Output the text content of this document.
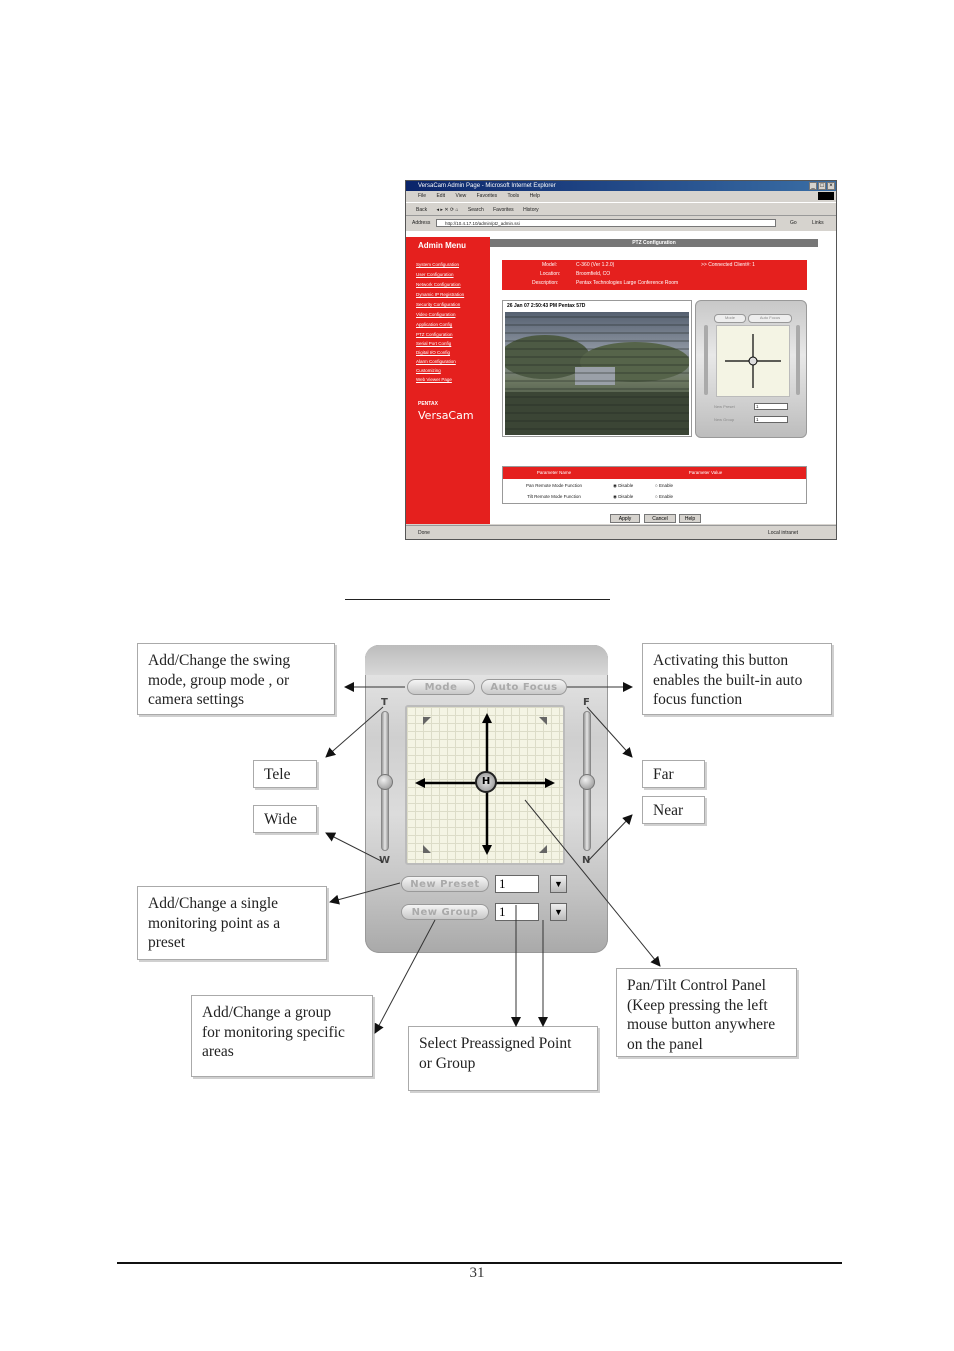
VersaCam Admin Page - Microsoft Internet Explorer	_ □ ×
File Edit View Favorites Tools Help
Back ◂ ▸ ✕ ⟳ ⌂ Search Favorites History
Address	http://10.4.17.10/admin/ptz_admin.ssi	Go	Links
Admin Menu
System Configuration
User Configuration
Network Configuration
Dynamic IP Registration
Security Configuration
Video Configuration
Application Config
PTZ Configuration
Serial Port Config
Digital I/O Config
Alarm Configuration
Customizing
Web Viewer Page
PENTAX
VersaCam
PTZ Configuration
Model:	C-360 (Ver 1.2.0)	>> Connected Client#: 1
Location:	Broomfield, CO
Description:	Pentax Technologies Large Conference Room
26 Jan 07 2:50:43 PM Pentax 57D
Mode	Auto Focus
New Preset	1
New Group	1
Parameter Name	Parameter Value
Pan Remote Mode Function	◉ Disable	○ Enable
Tilt Remote Mode Function	◉ Disable	○ Enable
Apply	Cancel	Help
Done	Local intranet
Add/Change the swing
mode, group mode , or
camera settings
Activating this button
enables the built-in auto
focus function
Tele
Wide
Far
Near
Add/Change a single
monitoring point as a
preset
Add/Change a group
for monitoring specific
areas	Select Preassigned Point
or Group
Pan/Tilt Control Panel
(Keep pressing the left
mouse button anywhere
on the panel
Mode	Auto Focus
T
W
F
N
H
New Preset	1	▼
New Group	1	▼
31
